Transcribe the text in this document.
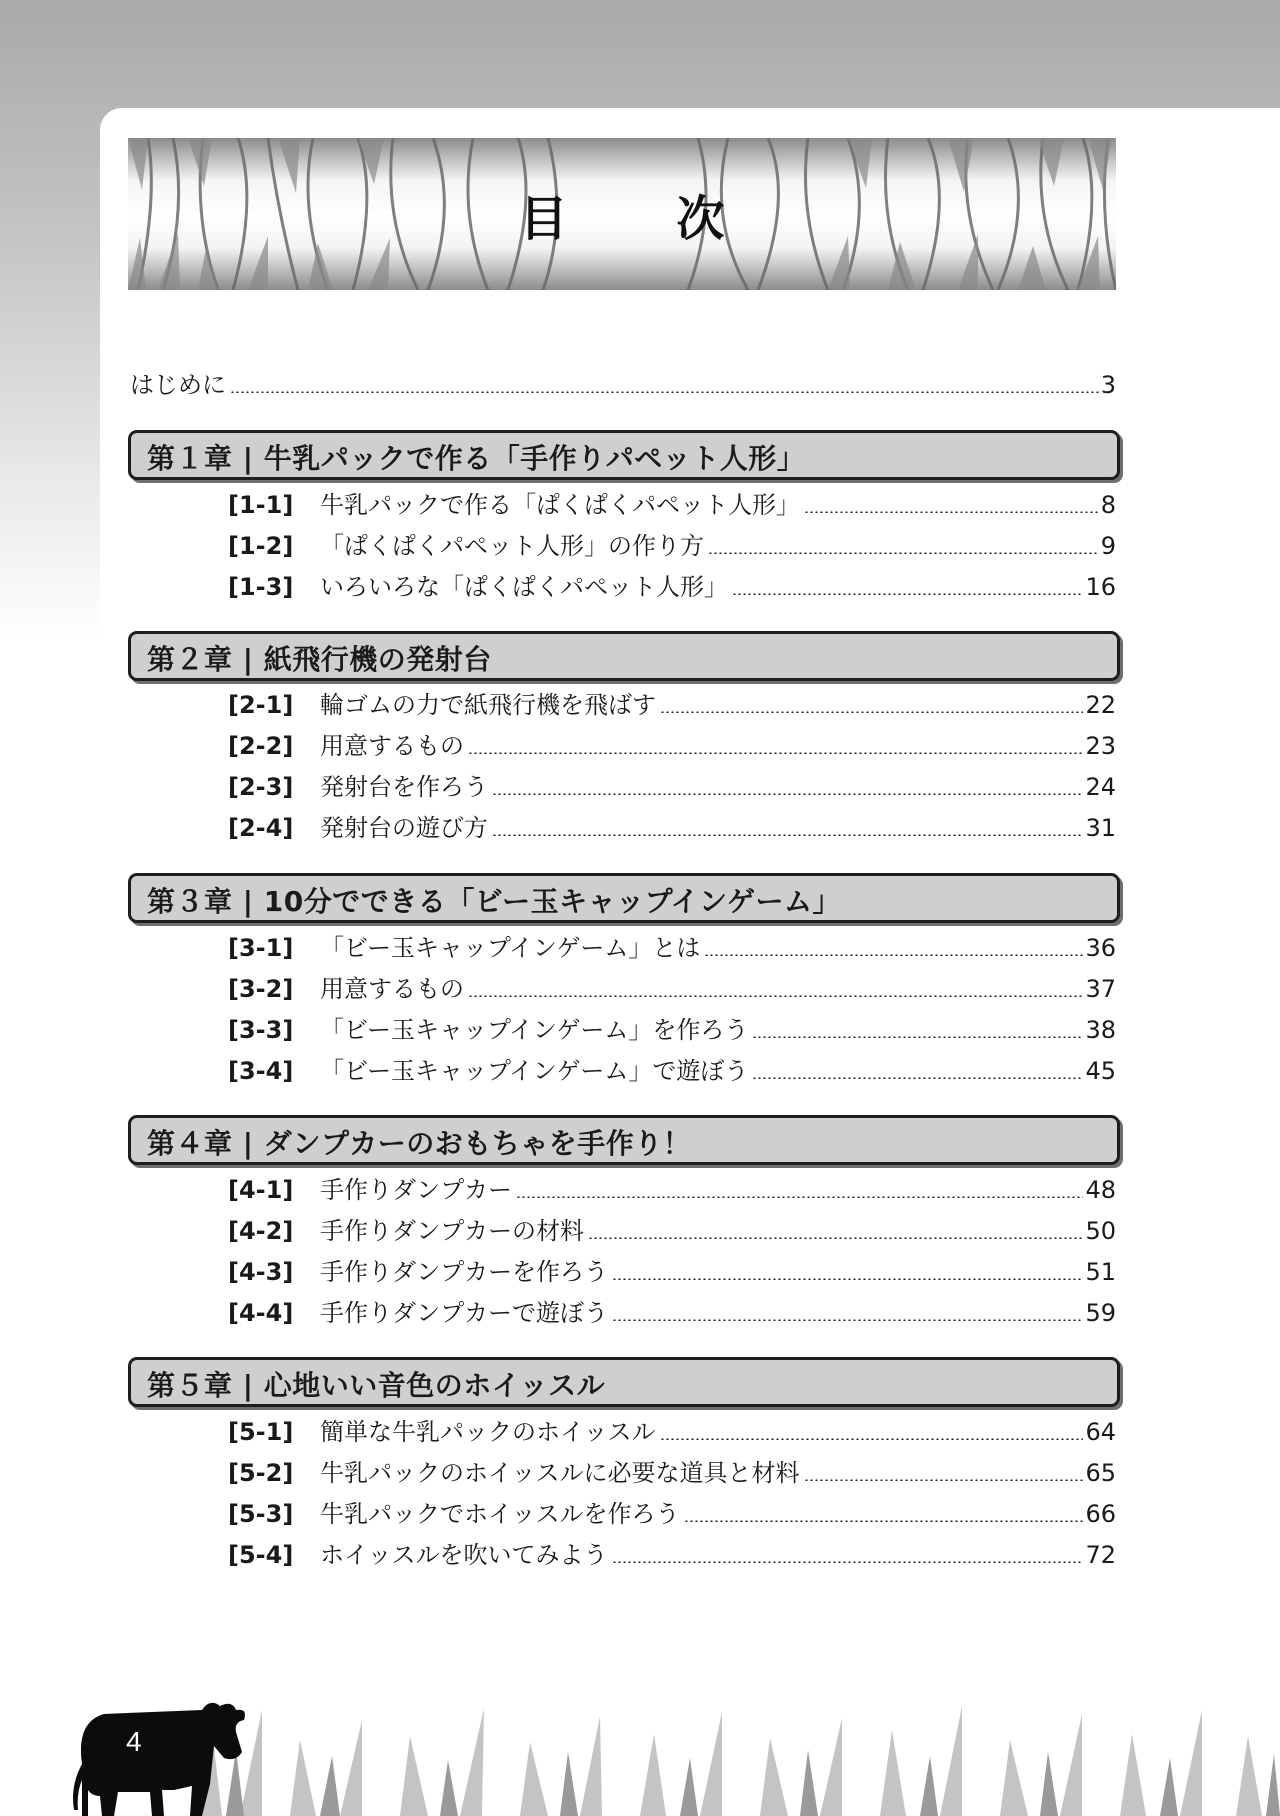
目 次
はじめに	3
第１章 | 牛乳パックで作る「手作りパペット人形」
[1-1]	牛乳パックで作る「ぱくぱくパペット人形」	8
[1-2]	「ぱくぱくパペット人形」の作り方	9
[1-3]	いろいろな「ぱくぱくパペット人形」	16
第２章 | 紙飛行機の発射台
[2-1]	輪ゴムの力で紙飛行機を飛ばす	22
[2-2]	用意するもの	23
[2-3]	発射台を作ろう	24
[2-4]	発射台の遊び方	31
第３章 | 10分でできる「ビー玉キャップインゲーム」
[3-1]	「ビー玉キャップインゲーム」とは	36
[3-2]	用意するもの	37
[3-3]	「ビー玉キャップインゲーム」を作ろう	38
[3-4]	「ビー玉キャップインゲーム」で遊ぼう	45
第４章 | ダンプカーのおもちゃを手作り！
[4-1]	手作りダンプカー	48
[4-2]	手作りダンプカーの材料	50
[4-3]	手作りダンプカーを作ろう	51
[4-4]	手作りダンプカーで遊ぼう	59
第５章 | 心地いい音色のホイッスル
[5-1]	簡単な牛乳パックのホイッスル	64
[5-2]	牛乳パックのホイッスルに必要な道具と材料	65
[5-3]	牛乳パックでホイッスルを作ろう	66
[5-4]	ホイッスルを吹いてみよう	72
4
